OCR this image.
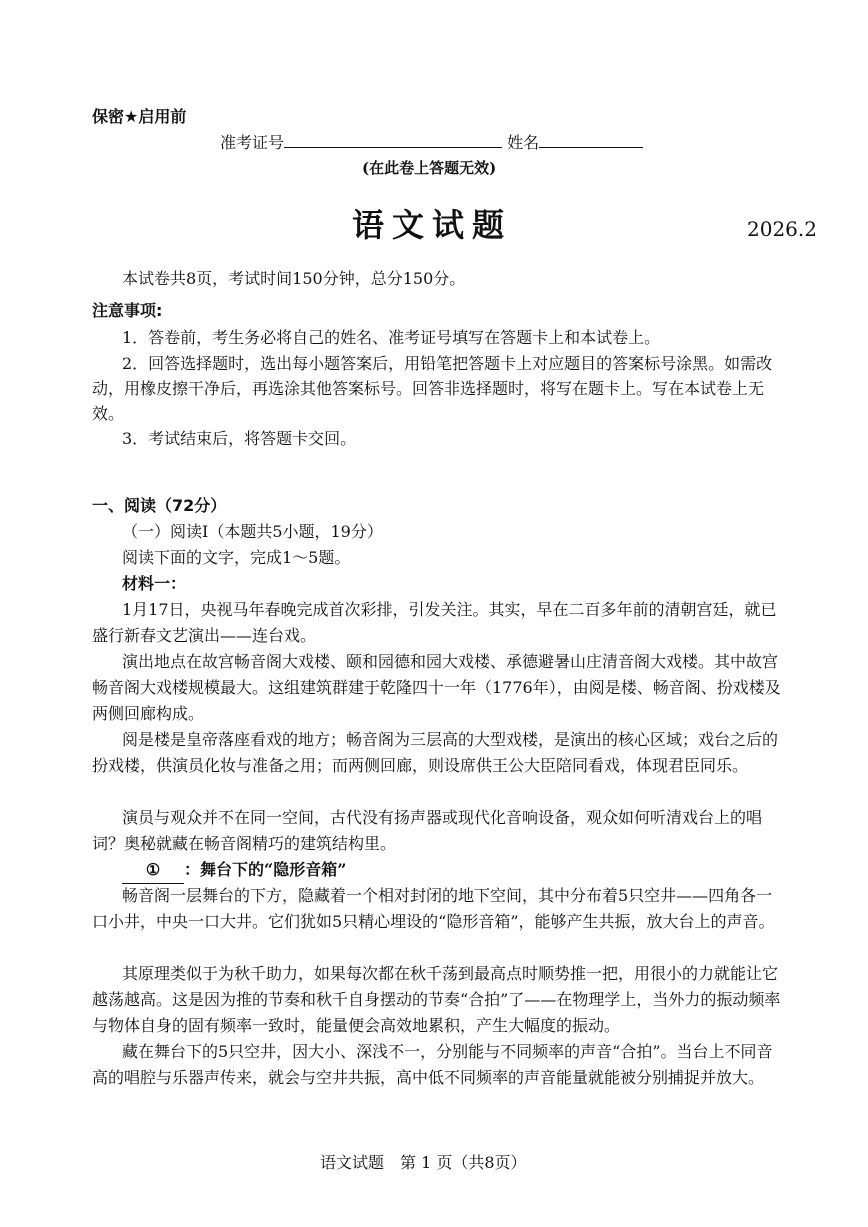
保密★启用前
准考证号	姓名
(在此卷上答题无效)
语文试题	2026.2
本试卷共8页，考试时间150分钟，总分150分。
注意事项:
1．答卷前，考生务必将自己的姓名、准考证号填写在答题卡上和本试卷上。
2．回答选择题时，选出每小题答案后，用铅笔把答题卡上对应题目的答案标号涂黑。如需改动，用橡皮擦干净后，再选涂其他答案标号。回答非选择题时，将写在题卡上。写在本试卷上无效。
3．考试结束后，将答题卡交回。
一、阅读（72分）
（一）阅读Ⅰ（本题共5小题，19分）
阅读下面的文字，完成1～5题。
材料一：
1月17日，央视马年春晚完成首次彩排，引发关注。其实，早在二百多年前的清朝宫廷，就已盛行新春文艺演出——连台戏。
演出地点在故宫畅音阁大戏楼、颐和园德和园大戏楼、承德避暑山庄清音阁大戏楼。其中故宫畅音阁大戏楼规模最大。这组建筑群建于乾隆四十一年（1776年），由阅是楼、畅音阁、扮戏楼及两侧回廊构成。
阅是楼是皇帝落座看戏的地方；畅音阁为三层高的大型戏楼，是演出的核心区域；戏台之后的扮戏楼，供演员化妆与准备之用；而两侧回廊，则设席供王公大臣陪同看戏，体现君臣同乐。
演员与观众并不在同一空间，古代没有扬声器或现代化音响设备，观众如何听清戏台上的唱词？奥秘就藏在畅音阁精巧的建筑结构里。
① ：舞台下的“隐形音箱”
畅音阁一层舞台的下方，隐藏着一个相对封闭的地下空间，其中分布着5只空井——四角各一口小井，中央一口大井。它们犹如5只精心埋设的“隐形音箱”，能够产生共振，放大台上的声音。
其原理类似于为秋千助力，如果每次都在秋千荡到最高点时顺势推一把，用很小的力就能让它越荡越高。这是因为推的节奏和秋千自身摆动的节奏“合拍”了——在物理学上，当外力的振动频率与物体自身的固有频率一致时，能量便会高效地累积，产生大幅度的振动。
藏在舞台下的5只空井，因大小、深浅不一，分别能与不同频率的声音“合拍”。当台上不同音高的唱腔与乐器声传来，就会与空井共振，高中低不同频率的声音能量就能被分别捕捉并放大。
语文试题　第 1 页（共8页）
